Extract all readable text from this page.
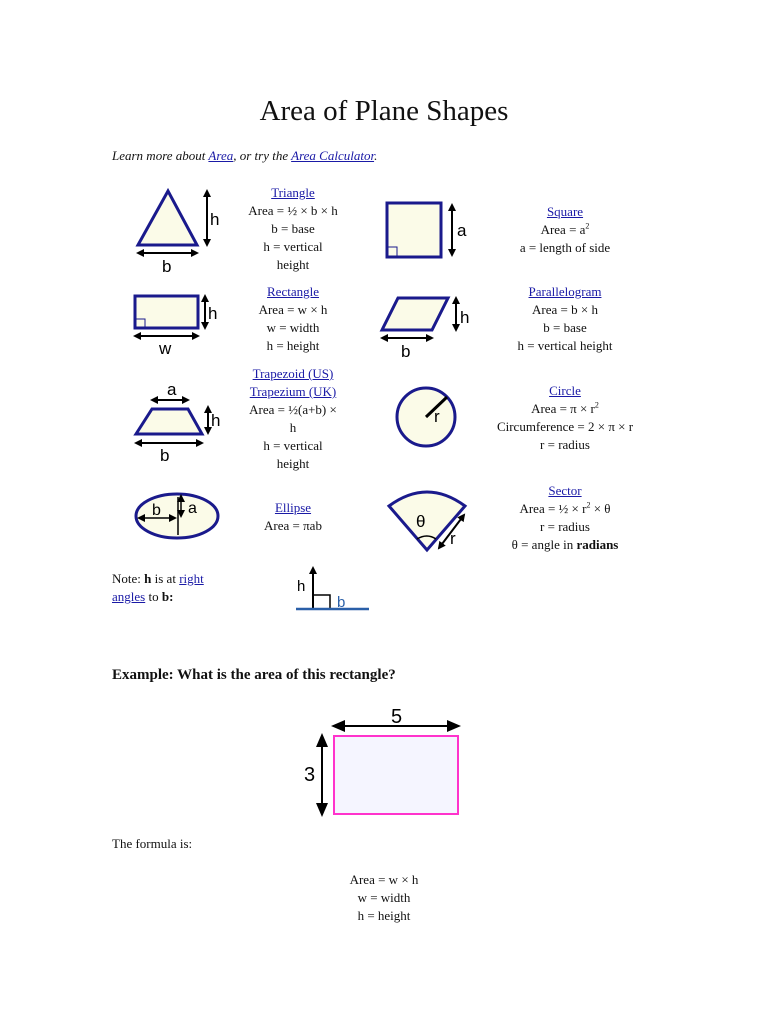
Area of Plane Shapes
Learn more about Area, or try the Area Calculator.
h
b
Triangle
Area = ½ × b × h
b = base
h = vertical
height
a
Square
Area = $a^2$
a = length of side
h
w
Rectangle
Area = w × h
w = width
h = height
h
b
Parallelogram
Area = b × h
b = base
h = vertical height
a
h
b
Trapezoid (US)
Trapezium (UK)
Area = ½(a+b) ×
h
h = vertical
height
r
Circle
Area = $\pi \times r^2$
Circumference = 2 × π × r
r = radius
b a	Ellipse
Area = πab	θ
r
Sector
Area = ½ × $r^2 \times \theta$
r = radius
θ = angle in radians
Note: h is at right
angles to b:
h
b
Example: What is the area of this rectangle?
5
3
The formula is:
Area = w × h
w = width
h = height
